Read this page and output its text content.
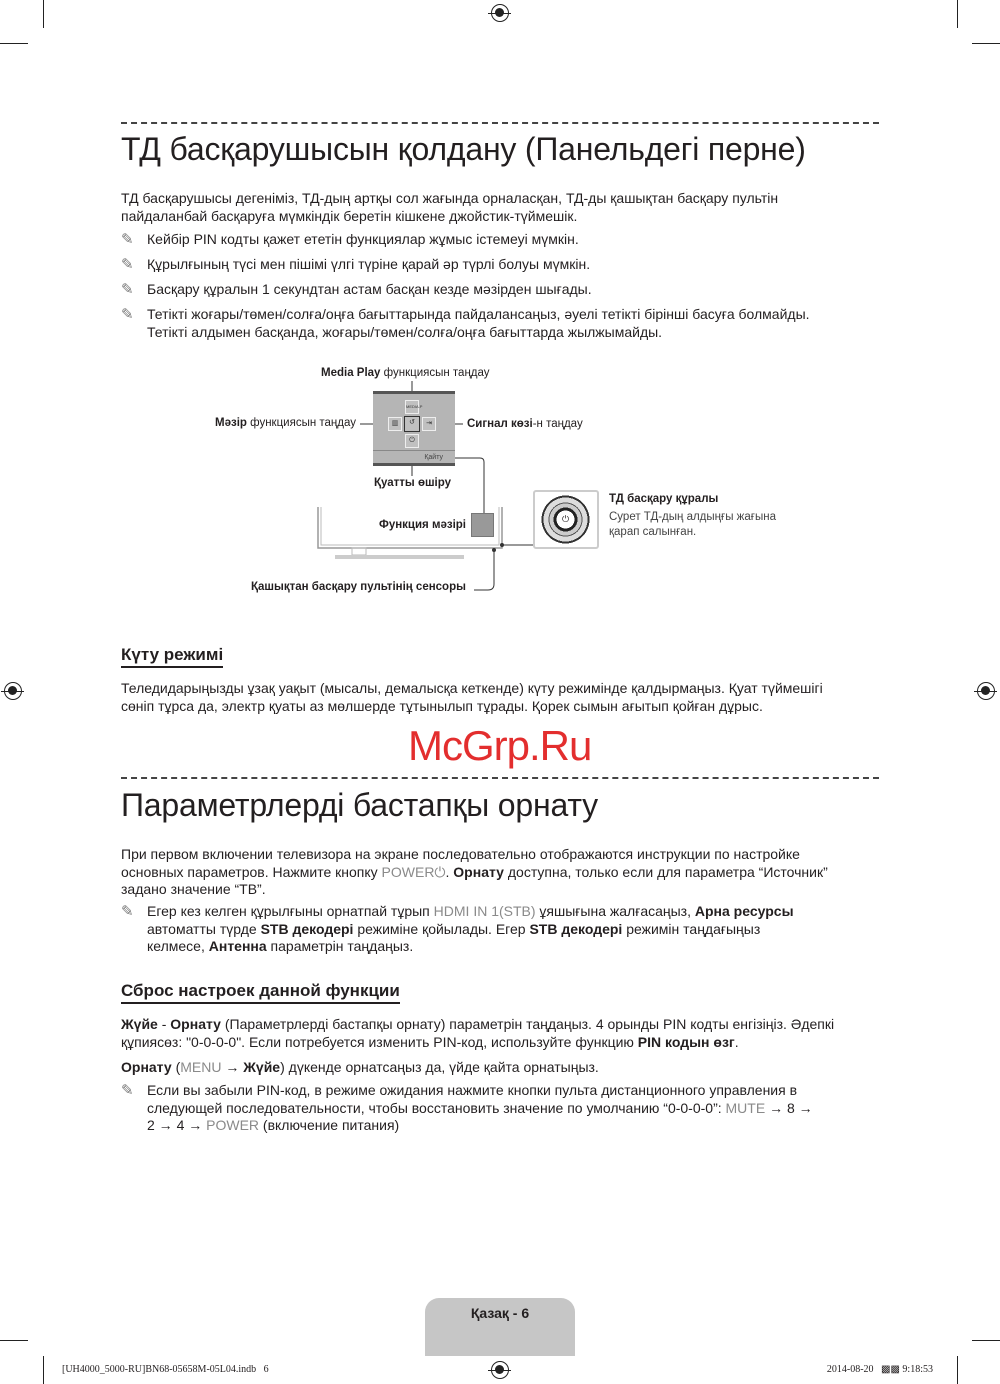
ТД басқарушысын қолдану (Панельдегі перне)
ТД басқарушысы дегеніміз, ТД-дың артқы сол жағында орналасқан, ТД-ды қашықтан басқару пультін
пайдаланбай басқаруға мүмкіндік беретін кішкене джойстик-түймешік.
✎ Кейбір PIN кодты қажет ететін функциялар жұмыс істемеуі мүмкін.
✎ Құрылғының түсі мен пішімі үлгі түріне қарай әр түрлі болуы мүмкін.
✎ Басқару құралын 1 секундтан астам басқан кезде мәзірден шығады.
✎ Тетікті жоғары/төмен/солға/оңға бағыттарында пайдалансаңыз, әуелі тетікті бірінші басуға болмайды.
Тетікті алдымен басқанда, жоғары/төмен/солға/оңға бағыттарда жылжымайды.
MEDIA.P
▥	↺	⇥
⏻
Қайту
⏻
Media Play функциясын таңдау
Мәзір функциясын таңдау	Сигнал көзі-н таңдау
Қуатты өшіру
Функция мәзірі
Қашықтан басқару пультінің сенсоры
ТД басқару құралы
Сурет ТД-дың алдыңғы жағына
қарап салынған.
Күту режимі
Теледидарыңызды ұзақ уақыт (мысалы, демалысқа кеткенде) күту режимінде қалдырмаңыз. Қуат түймешігі
сөніп тұрса да, электр қуаты аз мөлшерде тұтынылып тұрады. Қорек сымын ағытып қойған дұрыс.
McGrp.Ru
Параметрлерді бастапқы орнату
При первом включении телевизора на экране последовательно отображаются инструкции по настройке
основных параметров. Нажмите кнопку POWER⏻. Орнату доступна, только если для параметра “Источник”
задано значение “ТВ”.
✎ Егер кез келген құрылғыны орнатпай тұрып HDMI IN 1(STB) ұяшығына жалғасаңыз, Арна ресурсы
автоматты түрде STB декодері режиміне қойылады. Егер STB декодері режимін таңдағыңыз
келмесе, Антенна параметрін таңдаңыз.
Сброс настроек данной функции
Жүйе - Орнату (Параметрлерді бастапқы орнату) параметрін таңдаңыз. 4 орынды PIN кодты енгізіңіз. Әдепкі
құпиясөз: "0-0-0-0". Если потребуется изменить PIN-код, используйте функцию PIN кодын өзг.
Орнату (MENU → Жүйе) дүкенде орнатсаңыз да, үйде қайта орнатыңыз.
✎ Если вы забыли PIN-код, в режиме ожидания нажмите кнопки пульта дистанционного управления в
следующей последовательности, чтобы восстановить значение по умолчанию “0-0-0-0”: MUTE → 8 →
2 → 4 → POWER (включение питания)
Қазақ - 6
[UH4000_5000-RU]BN68-05658M-05L04.indb   6	2014-08-20   ▩▩ 9:18:53
